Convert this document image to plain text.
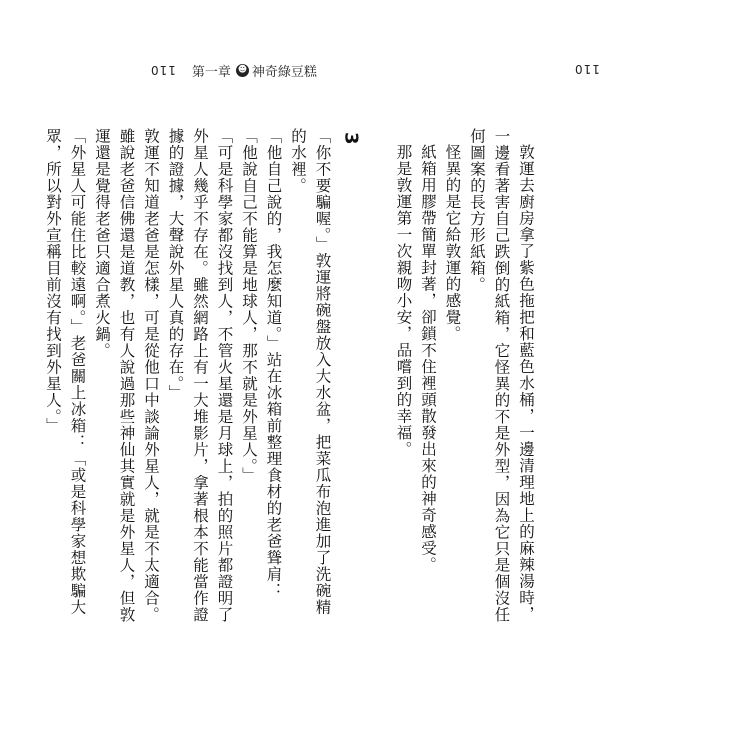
110 第一章 ☻ 神奇綠豆糕	110

敦運去廚房拿了紫色拖把和藍色水桶，一邊清理地上的麻辣湯時，一邊看著害自己跌倒的紙箱，它怪異的不是外型，因為它只是個沒任何圖案的長方形紙箱。

怪異的是它給敦運的感覺。

紙箱用膠帶簡單封著，卻鎖不住裡頭散發出來的神奇感受。

那是敦運第一次親吻小安，品嚐到的幸福。

3

「你不要騙喔。」敦運將碗盤放入大水盆，把菜瓜布泡進加了洗碗精的水裡。

「他自己說的，我怎麼知道。」站在冰箱前整理食材的老爸聳肩：「他說自己不能算是地球人，那不就是外星人。」

「可是科學家都沒找到人，不管火星還是月球上，拍的照片都證明了外星人幾乎不存在。雖然網路上有一大堆影片，拿著根本不能當作證據的證據，大聲說外星人真的存在。」

敦運不知道老爸是怎樣，可是從他口中談論外星人，就是不太適合。雖說老爸信佛還是道教，也有人說過那些神仙其實就是外星人，但敦運還是覺得老爸只適合煮火鍋。

「外星人可能住比較遠啊。」老爸關上冰箱：「或是科學家想欺騙大眾，所以對外宣稱目前沒有找到外星人。」
